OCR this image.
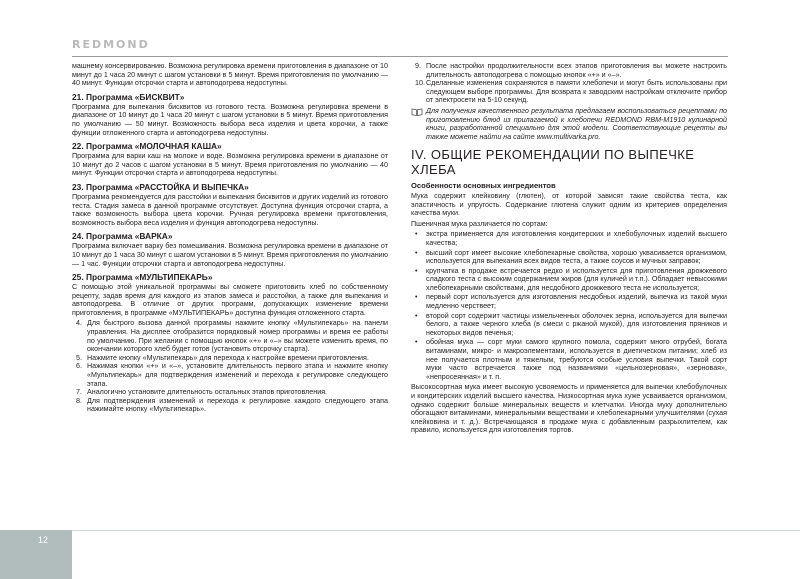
REDMOND

машнему консервированию. Возможна регулировка времени приготовления в диапазоне от 10 минут до 1 часа 20 минут с шагом установки в 5 минут. Время приготовления по умолчанию — 40 минут. Функции отсрочки старта и автоподогрева недоступны.

21. Программа «БИСКВИТ»

Программа для выпекания бисквитов из готового теста. Возможна регулировка времени в диапазоне от 10 минут до 1 часа 20 минут с шагом установки в 5 минут. Время приготовления по умолчанию — 50 минут. Возможность выбора веса изделия и цвета корочки, а также функции отложенного старта и автоподогрева недоступны.

22. Программа «МОЛОЧНАЯ КАША»

Программа для варки каш на молоке и воде. Возможна регулировка времени в диапазоне от 10 минут до 2 часов с шагом установки в 5 минут. Время приготовления по умолчанию — 40 минут. Функции отсрочки старта и автоподогрева недоступны.

23. Программа «РАССТОЙКА И ВЫПЕЧКА»

Программа рекомендуется для расстойки и выпекания бисквитов и других изделий из готового теста. Стадия замеса в данной программе отсутствует. Доступна функция отсрочки старта, а также возможность выбора цвета корочки. Ручная регулировка времени приготовления, возможность выбора веса изделия и функция автоподогрева недоступны.

24. Программа «ВАРКА»

Программа включает варку без помешивания. Возможна регулировка времени в диапазоне от 10 минут до 1 часа 30 минут с шагом установки в 5 минут. Время приготовления по умолчанию — 1 час. Функции отсрочки старта и автоподогрева недоступны.

25. Программа «МУЛЬТИПЕКАРЬ»

С помощью этой уникальной программы вы сможете приготовить хлеб по собственному рецепту, задав время для каждого из этапов замеса и расстойки, а также для выпекания и автоподогрева. В отличие от других программ, допускающих изменение времени приготовления, в программе «МУЛЬТИПЕКАРЬ» доступна функция отложенного старта.

4. Для быстрого вызова данной программы нажмите кнопку «Мультипекарь» на панели управления. На дисплее отобразится порядковый номер программы и время ее работы по умолчанию. При желании с помощью кнопок «+» и «–» вы можете изменить время, по окончании которого хлеб будет готов (установить отсрочку старта).
5. Нажмите кнопку «Мультипекарь» для перехода к настройке времени приготовления.
6. Нажимая кнопки «+» и «–», установите длительность первого этапа и нажмите кнопку «Мультипекарь» для подтверждения изменений и перехода к регулировке следующего этапа.
7. Аналогично установите длительность остальных этапов приготовления.
8. Для подтверждения изменений и перехода к регулировке каждого следующего этапа нажимайте кнопку «Мультипекарь».
9. После настройки продолжительности всех этапов приготовления вы можете настроить длительность автоподогрева с помощью кнопок «+» и «–».
10. Сделанные изменения сохраняются в памяти хлебопечи и могут быть использованы при следующем выборе программы. Для возврата к заводским настройкам отключите прибор от электросети на 5-10 секунд.
Для получения качественного результата предлагаем воспользоваться рецептами по приготовлению блюд из прилагаемой к хлебопечи REDMOND RBM-M1910 кулинарной книги, разработанной специально для этой модели. Соответствующие рецепты вы также можете найти на сайте www.multivarka.pro.
IV. ОБЩИЕ РЕКОМЕНДАЦИИ ПО ВЫПЕЧКЕ ХЛЕБА
Особенности основных ингредиентов

Мука содержит клейковину (глютен), от которой зависят такие свойства теста, как эластичность и упругость. Содержание глютена служит одним из критериев определения качества муки.

Пшеничная мука различается по сортам:

• экстра применяется для изготовления кондитерских и хлебобулочных изделий высшего качества;
• высший сорт имеет высокие хлебопекарные свойства, хорошо укваcивается организмом, используется для выпекания всех видов теста, а также соусов и мучных заправок;
• крупчатка в продаже встречается редко и используется для приготовления дрожжевого сладкого теста с высоким содержанием жиров (для куличей и т.п.). Обладает невысокими хлебопекарными свойствами, для несдобного дрожжевого теста не используется;
• первый сорт используется для изготовления несдобных изделий, выпечка из такой муки медленно черствеет;
• второй сорт содержит частицы измельченных оболочек зерна, используется для выпечки белого, а также черного хлеба (в смеси с ржаной мукой), для изготовления пряников и некоторых видов печенья;
• обойная мука — сорт муки самого крупного помола, содержит много отрубей, богата витаминами, микро- и макроэлементами, используется в диетическом питании; хлеб из нее получается плотным и тяжелым, требуются особые условия выпечки. Такой сорт муки часто встречается также под названиями «цельнозерновая», «зерновая», «непросеянная» и т. п.

Высокосортная мука имеет высокую усвояемость и применяется для выпечки хлебобулочных и кондитерских изделий высшего качества. Низкосортная мука хуже усваивается организмом, однако содержит больше минеральных веществ и клетчатки. Иногда муку дополнительно обогащают витаминами, минеральными веществами и хлебопекарными улучшителями (сухая клейковина и т. д.). Встречающаяся в продаже мука с добавленным разрыхлителем, как правило, используется для изготовления тортов.

12
